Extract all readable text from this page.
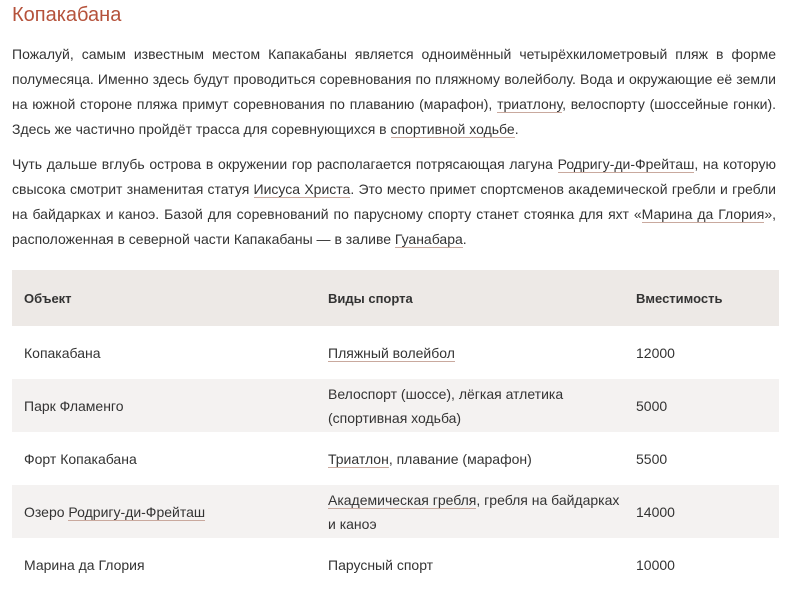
Копакабана

Пожалуй, самым известным местом Капакабаны является одноимённый четырёхкилометровый пляж в форме полумесяца. Именно здесь будут проводиться соревнования по пляжному волейболу. Вода и окружающие её земли на южной стороне пляжа примут соревнования по плаванию (марафон), триатлону, велоспорту (шоссейные гонки). Здесь же частично пройдёт трасса для соревнующихся в спортивной ходьбе.

Чуть дальше вглубь острова в окружении гор располагается потрясающая лагуна Родригу-ди-Фрейташ, на которую свысока смотрит знаменитая статуя Иисуса Христа. Это место примет спортсменов академической гребли и гребли на байдарках и каноэ. Базой для соревнований по парусному спорту станет стоянка для яхт «Марина да Глория», расположенная в северной части Капакабаны — в заливе Гуанабара.

Объект	Виды спорта	Вместимость
Копакабана	Пляжный волейбол	12000
Парк Фламенго	Велоспорт (шоссе), лёгкая атлетика (спортивная ходьба)	5000
Форт Копакабана	Триатлон, плавание (марафон)	5500
Озеро Родригу-ди-Фрейташ	Академическая гребля, гребля на байдарках и каноэ	14000
Марина да Глория	Парусный спорт	10000
